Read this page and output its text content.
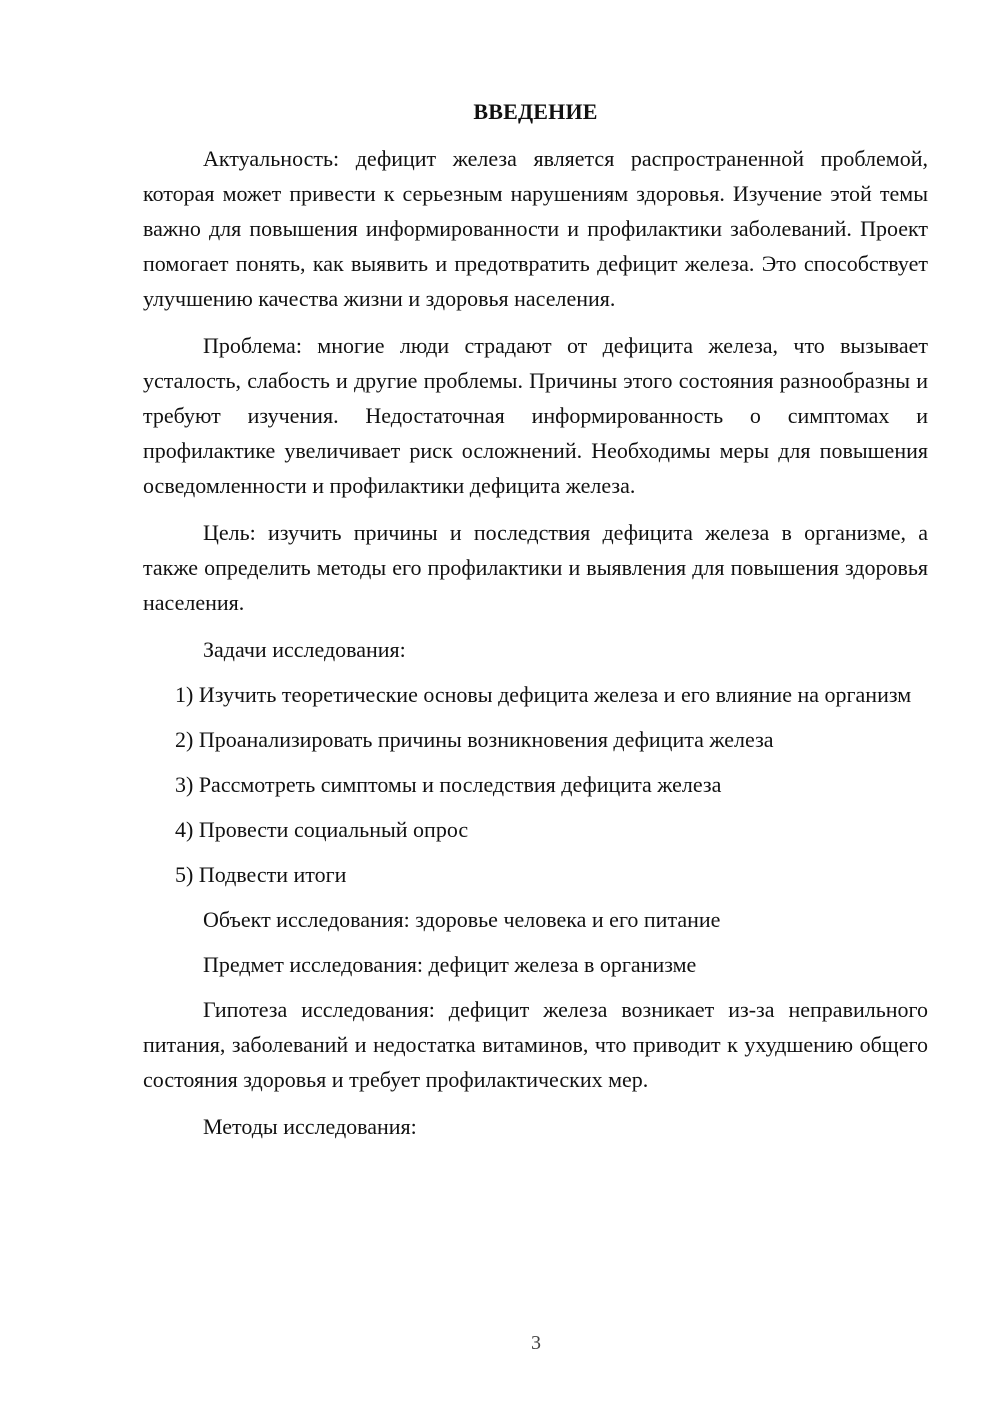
ВВЕДЕНИЕ

Актуальность: дефицит железа является распространенной проблемой, которая может привести к серьезным нарушениям здоровья. Изучение этой темы важно для повышения информированности и профилактики заболеваний. Проект помогает понять, как выявить и предотвратить дефицит железа. Это способствует улучшению качества жизни и здоровья населения.

Проблема: многие люди страдают от дефицита железа, что вызывает усталость, слабость и другие проблемы. Причины этого состояния разнообразны и требуют изучения. Недостаточная информированность о симптомах и профилактике увеличивает риск осложнений. Необходимы меры для повышения осведомленности и профилактики дефицита железа.

Цель: изучить причины и последствия дефицита железа в организме, а также определить методы его профилактики и выявления для повышения здоровья населения.

Задачи исследования:

1) Изучить теоретические основы дефицита железа и его влияние на организм

2) Проанализировать причины возникновения дефицита железа

3) Рассмотреть симптомы и последствия дефицита железа

4) Провести социальный опрос

5) Подвести итоги

Объект исследования: здоровье человека и его питание

Предмет исследования: дефицит железа в организме

Гипотеза исследования: дефицит железа возникает из-за неправильного питания, заболеваний и недостатка витаминов, что приводит к ухудшению общего состояния здоровья и требует профилактических мер.

Методы исследования:

3
